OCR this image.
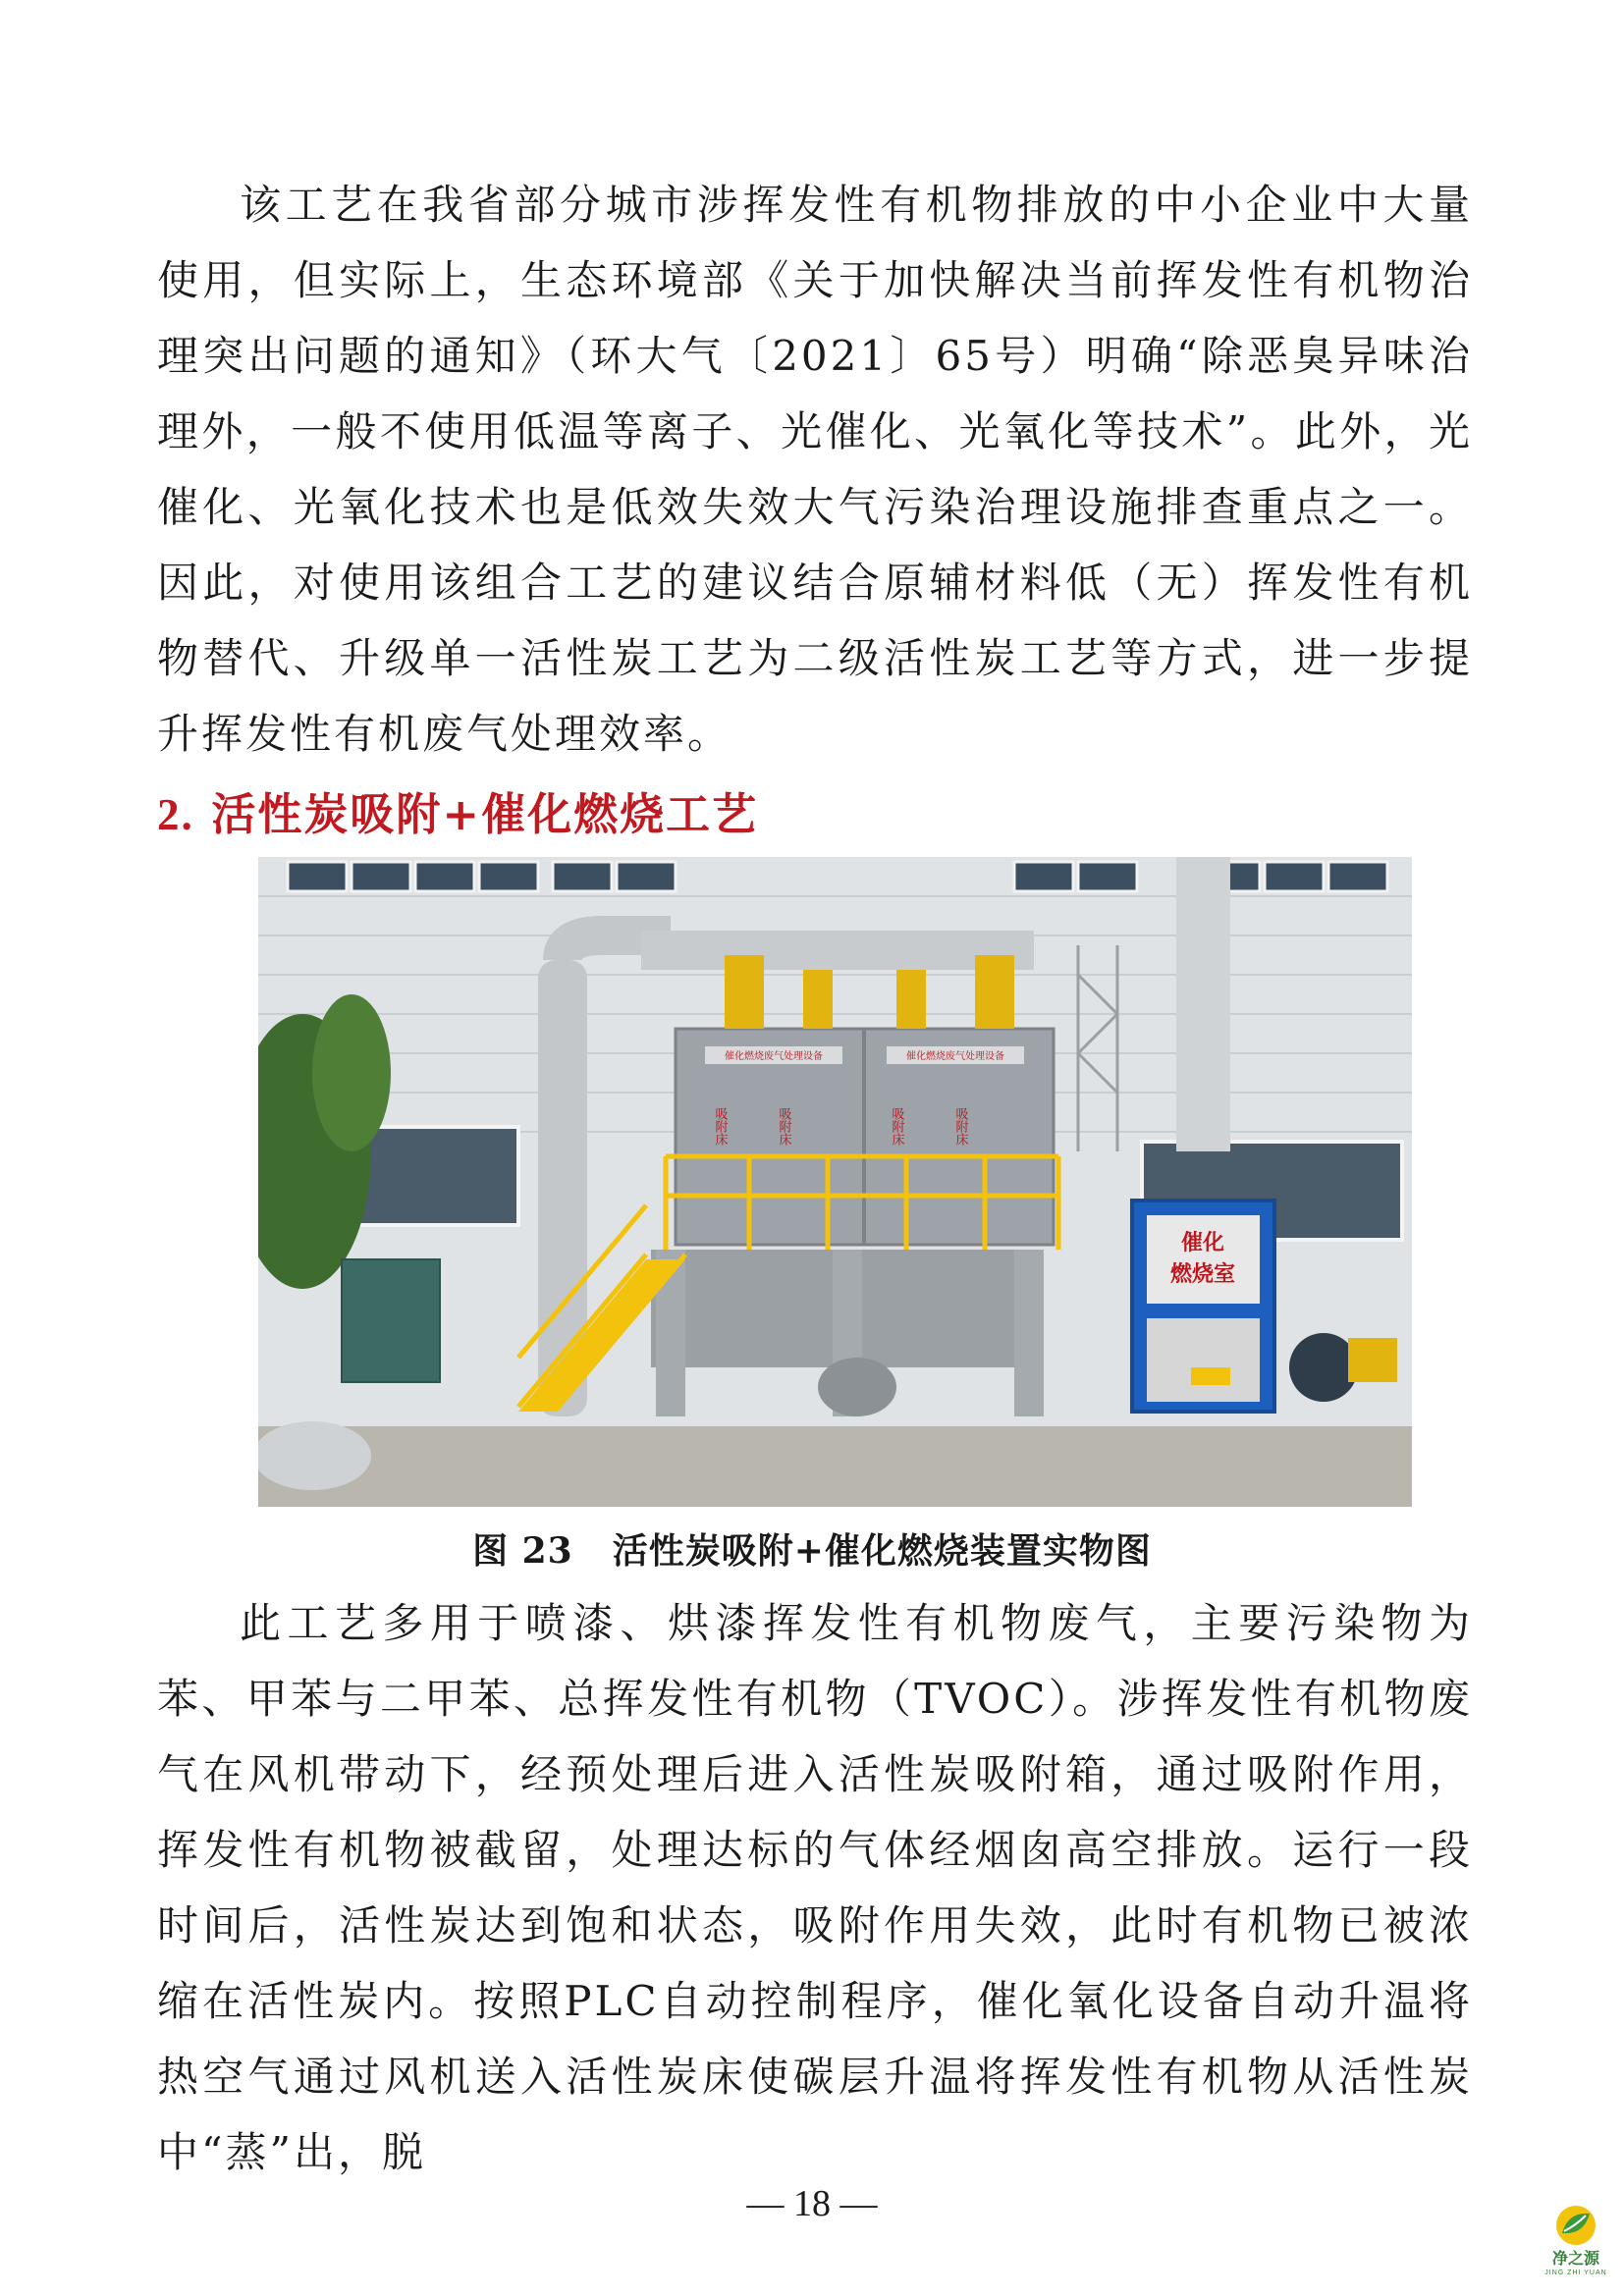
该工艺在我省部分城市涉挥发性有机物排放的中小企业中大量使用，但实际上，生态环境部《关于加快解决当前挥发性有机物治理突出问题的通知》（环大气〔2021〕65号）明确“除恶臭异味治理外，一般不使用低温等离子、光催化、光氧化等技术”。此外，光催化、光氧化技术也是低效失效大气污染治理设施排查重点之一。因此，对使用该组合工艺的建议结合原辅材料低（无）挥发性有机物替代、升级单一活性炭工艺为二级活性炭工艺等方式，进一步提升挥发性有机废气处理效率。

2. 活性炭吸附+催化燃烧工艺
催化燃烧废气处理设备	催化燃烧废气处理设备
吸附床	吸附床	吸附床	吸附床
催化
燃烧室
图 23 活性炭吸附+催化燃烧装置实物图

此工艺多用于喷漆、烘漆挥发性有机物废气，主要污染物为苯、甲苯与二甲苯、总挥发性有机物（TVOC）。涉挥发性有机物废气在风机带动下，经预处理后进入活性炭吸附箱，通过吸附作用，挥发性有机物被截留，处理达标的气体经烟囱高空排放。运行一段时间后，活性炭达到饱和状态，吸附作用失效，此时有机物已被浓缩在活性炭内。按照PLC自动控制程序，催化氧化设备自动升温将热空气通过风机送入活性炭床使碳层升温将挥发性有机物从活性炭中“蒸”出，脱

— 18 —
净之源
JING ZHI YUAN
